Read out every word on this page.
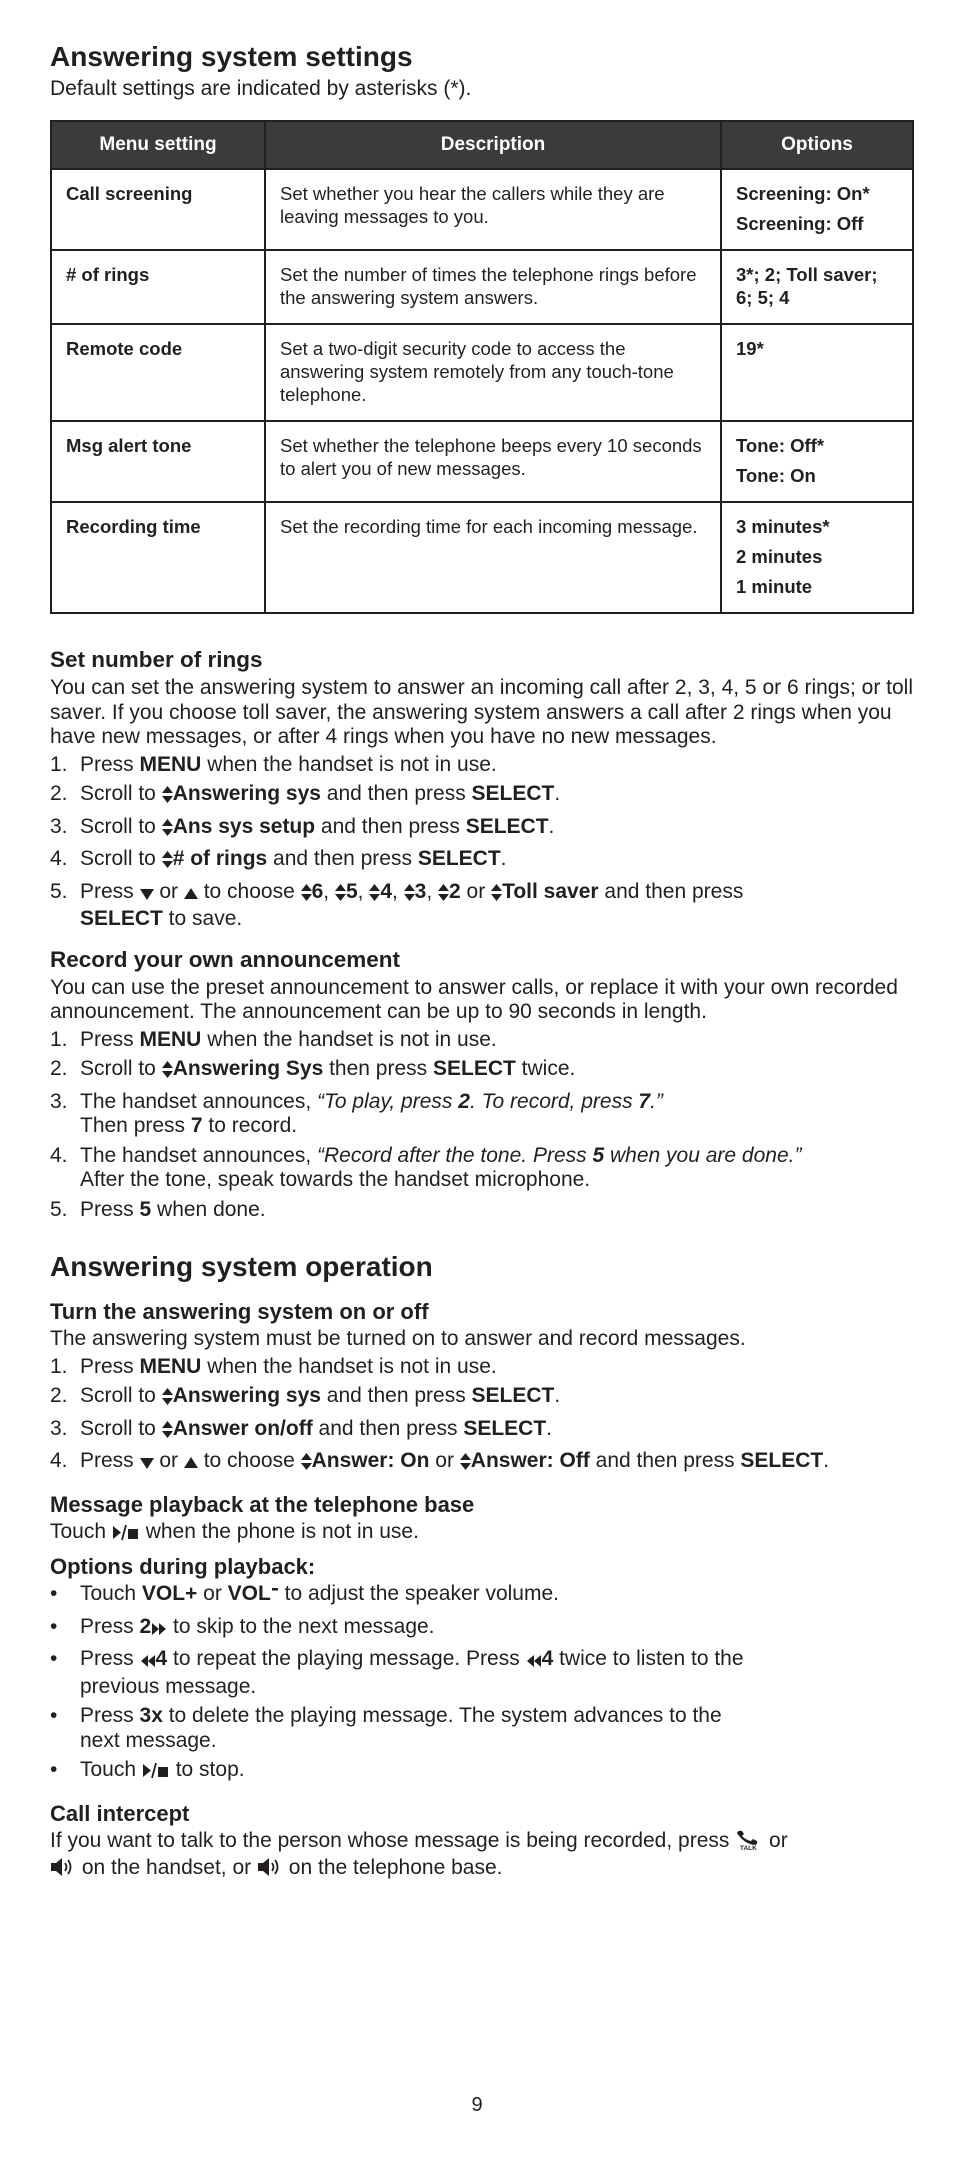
Answering system settings

Default settings are indicated by asterisks (*).

Menu setting	Description	Options
Call screening	Set whether you hear the callers while they are leaving messages to you.	Screening: On*
Screening: Off

# of rings	Set the number of times the telephone rings before the answering system answers.	3*; 2; Toll saver; 6; 5; 4

Remote code	Set a two-digit security code to access the answering system remotely from any touch-tone telephone.	19*

Msg alert tone	Set whether the telephone beeps every 10 seconds to alert you of new messages.	Tone: Off*
Tone: On

Recording time	Set the recording time for each incoming message.	3 minutes*
2 minutes
1 minute
Set number of rings

You can set the answering system to answer an incoming call after 2, 3, 4, 5 or 6 rings; or toll saver. If you choose toll saver, the answering system answers a call after 2 rings when you have new messages, or after 4 rings when you have no new messages.

1. Press MENU when the handset is not in use.
2. Scroll to Answering sys and then press SELECT.
3. Scroll to Ans sys setup and then press SELECT.
4. Scroll to # of rings and then press SELECT.
5. Press  or  to choose 6, 5, 4, 3, 2 or Toll saver and then press
SELECT to save.
Record your own announcement

You can use the preset announcement to answer calls, or replace it with your own recorded announcement. The announcement can be up to 90 seconds in length.

1. Press MENU when the handset is not in use.
2. Scroll to Answering Sys then press SELECT twice.
3. The handset announces, “To play, press 2. To record, press 7.”
Then press 7 to record.
4. The handset announces, “Record after the tone. Press 5 when you are done.”
After the tone, speak towards the handset microphone.
5. Press 5 when done.
Answering system operation
Turn the answering system on or off

The answering system must be turned on to answer and record messages.

1. Press MENU when the handset is not in use.
2. Scroll to Answering sys and then press SELECT.
3. Scroll to Answer on/off and then press SELECT.
4. Press  or  to choose Answer: On or Answer: Off and then press SELECT.
Message playback at the telephone base

Touch  when the phone is not in use.

Options during playback:
• Touch VOL+ or VOL to adjust the speaker volume.
• Press 2 to skip to the next message.
• Press 4 to repeat the playing message. Press 4 twice to listen to the
previous message.
• Press 3x to delete the playing message. The system advances to the
next message.
• Touch  to stop.
Call intercept

If you want to talk to the person whose message is being recorded, press TALK or
on the handset, or  on the telephone base.

9
